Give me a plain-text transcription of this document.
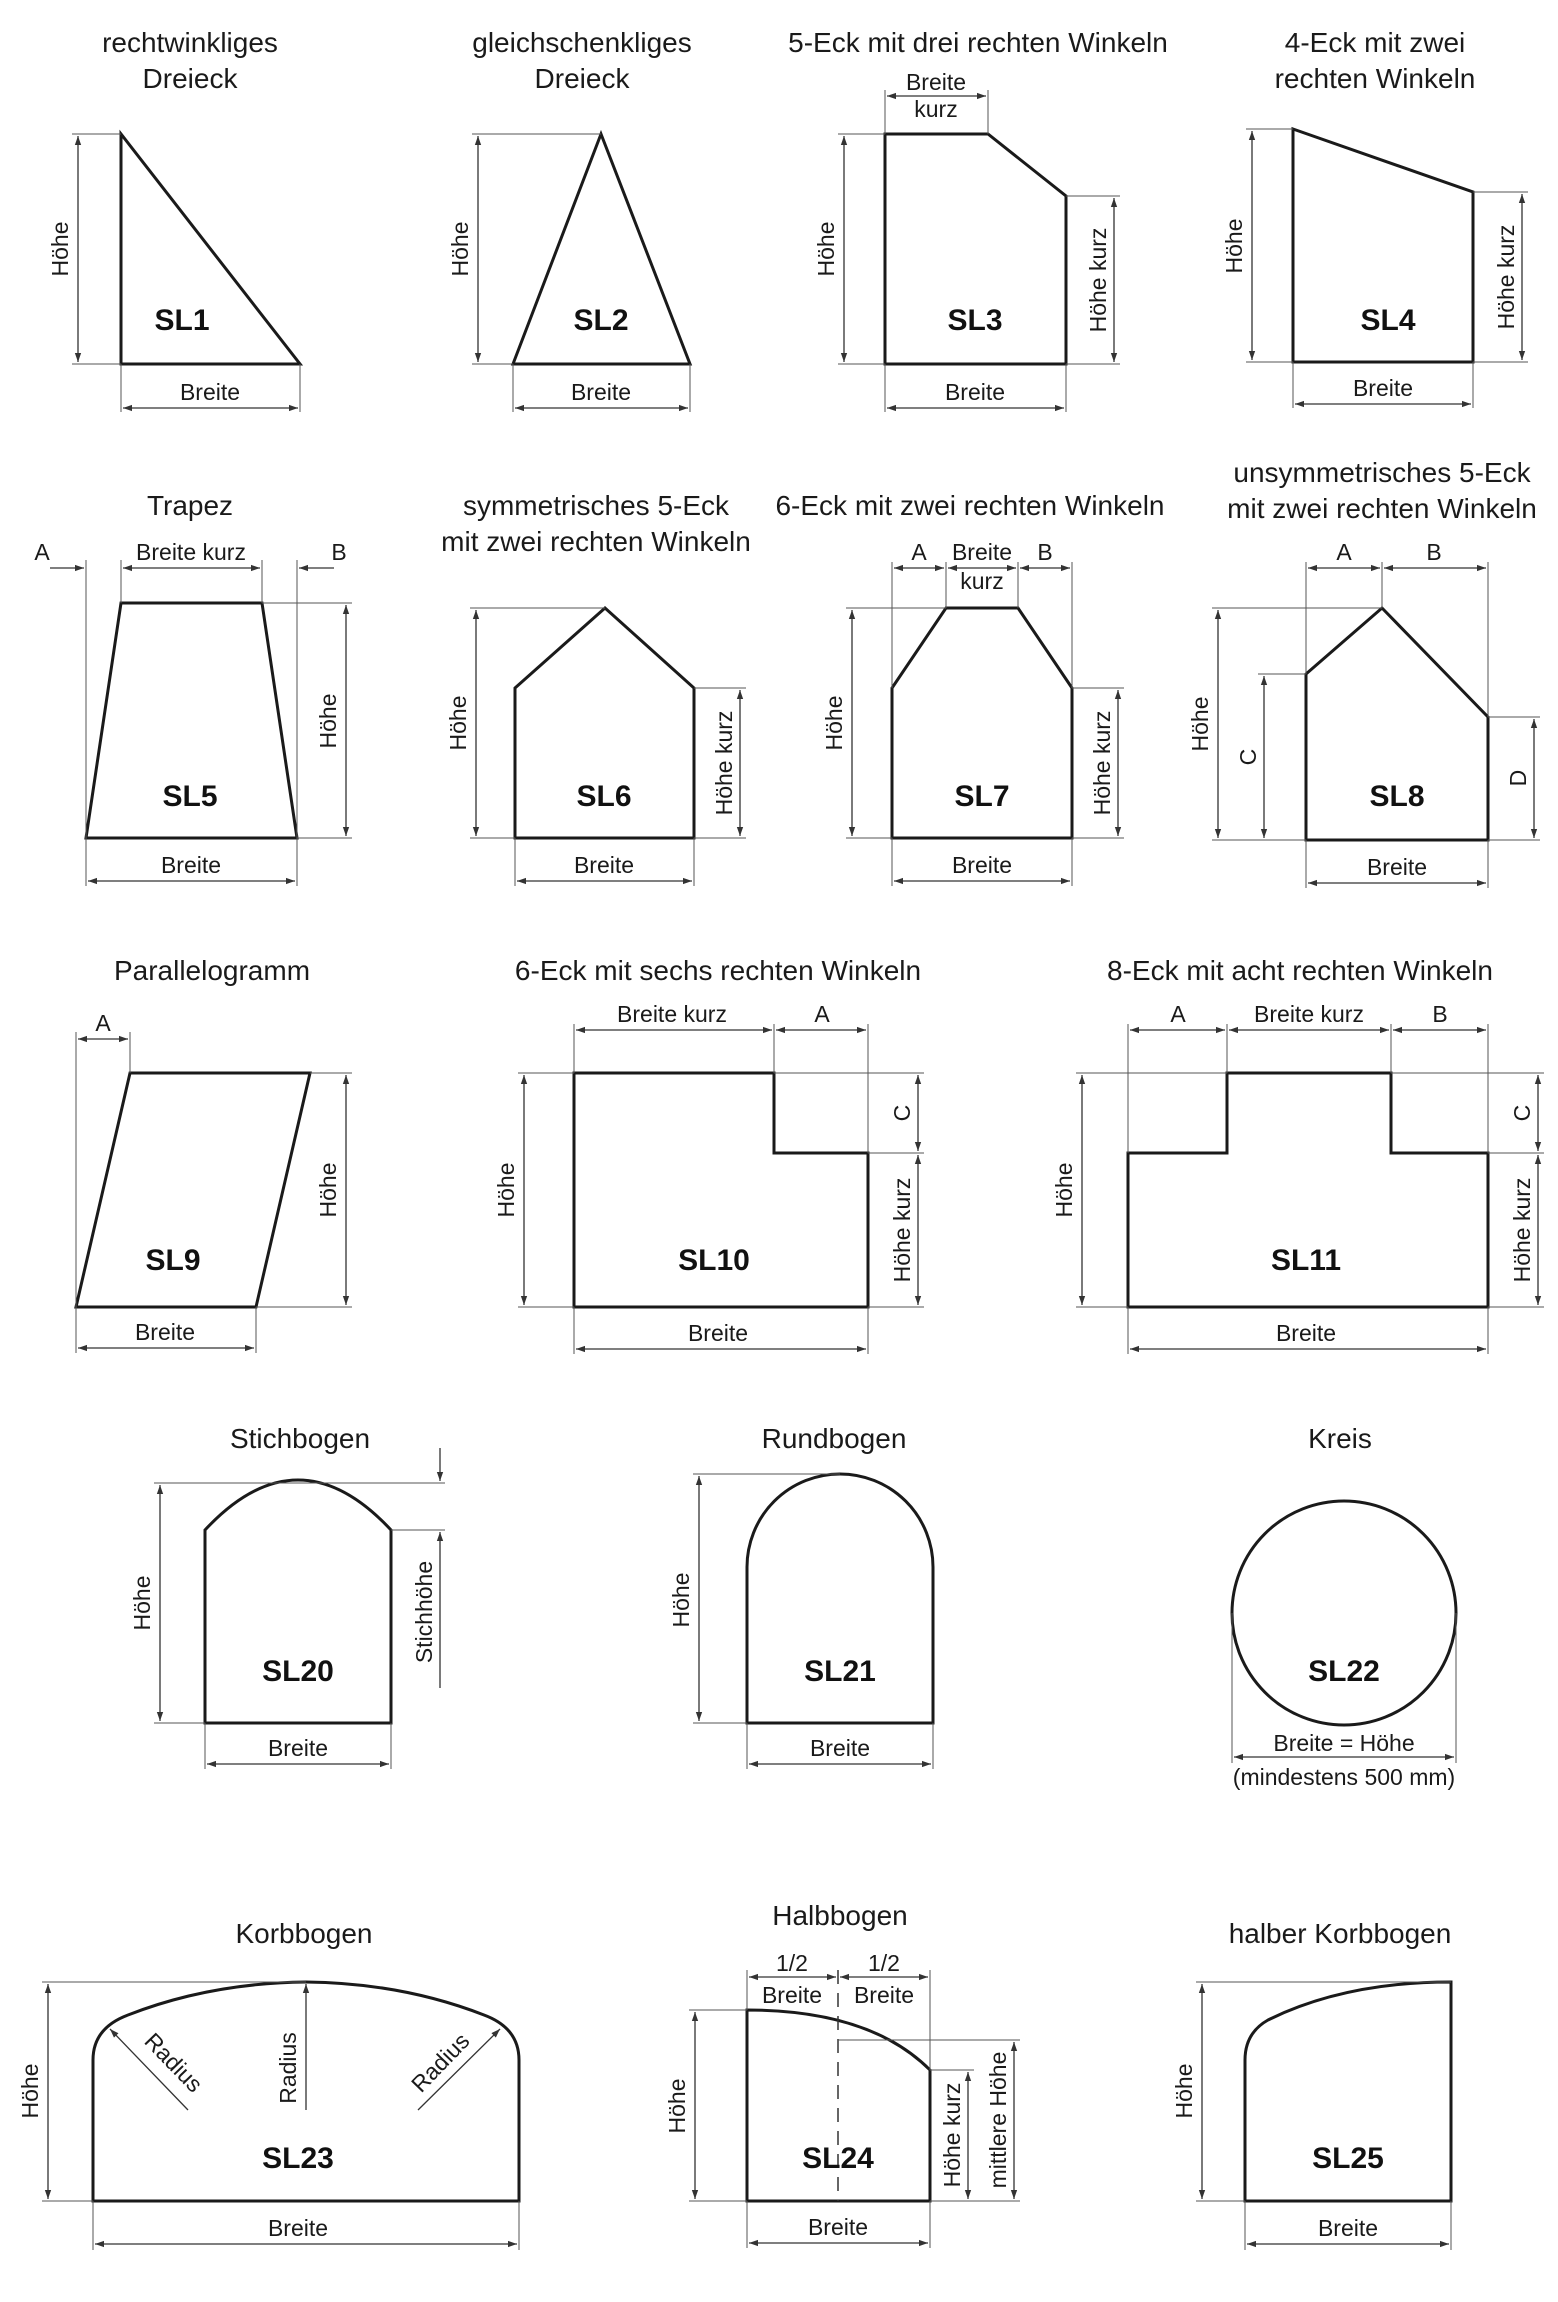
rechtwinkliges
Dreieck
Höhe
Breite
SL1
gleichschenkliges
Dreieck
Höhe
Breite
SL2
5-Eck mit drei rechten Winkeln
Breite
kurz
Höhe	Höhe kurz
Breite
SL3
4-Eck mit zwei
rechten Winkeln
Höhe	Höhe kurz
Breite
SL4
Trapez
Breite kurz
A	B
Höhe
Breite
SL5
symmetrisches 5-Eck
mit zwei rechten Winkeln
Höhe	Höhe kurz
Breite
SL6
6-Eck mit zwei rechten Winkeln
A Breite
kurz
B
Höhe	Höhe kurz
Breite
SL7
unsymmetrisches 5-Eck
mit zwei rechten Winkeln
A	B
Höhe
C
D
Breite
SL8
Parallelogramm
A
Höhe
Breite
SL9
6-Eck mit sechs rechten Winkeln
Breite kurz	A
Höhe
C
Höhe kurz
Breite
SL10
8-Eck mit acht rechten Winkeln
A	Breite kurz	B
Höhe
C
Höhe kurz
Breite
SL11
Stichbogen
Höhe	Stichhöhe
Breite
SL20
Rundbogen
Höhe
Breite
SL21
Kreis
Breite = Höhe
(mindestens 500 mm)
SL22
Korbbogen
Höhe	Radius	Radius	Radius
Breite
SL23
Halbbogen
1/2
Breite
1/2
Breite
Höhe	Höhe kurz mittlere Höhe
Breite
SL24
halber Korbbogen
Höhe
Breite
SL25
